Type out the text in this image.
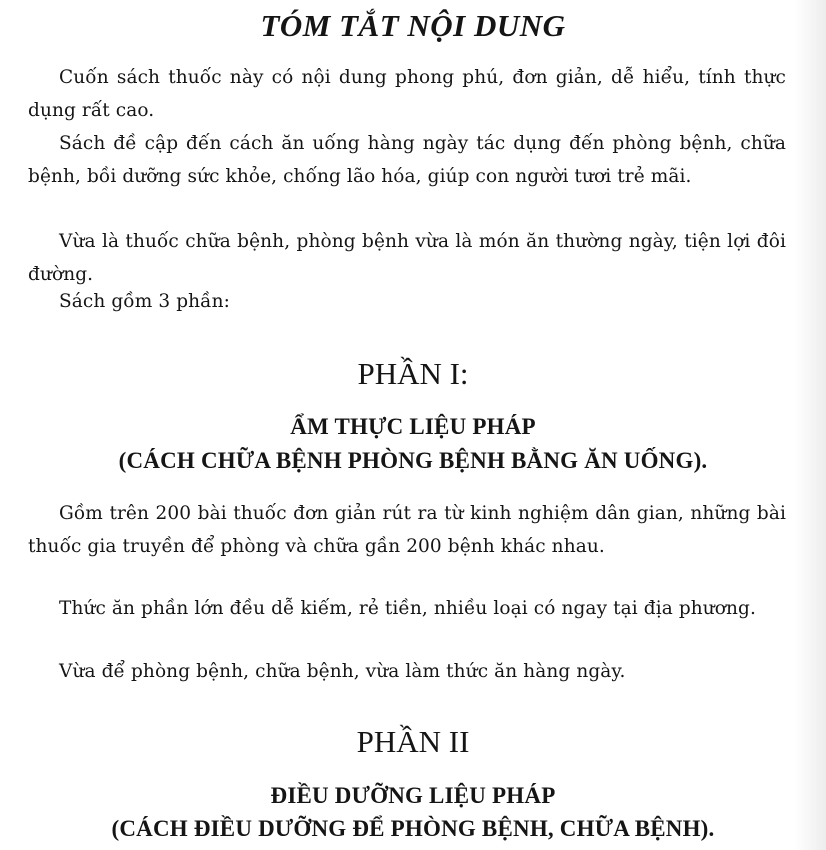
TÓM TẮT NỘI DUNG

Cuốn sách thuốc này có nội dung phong phú, đơn giản, dễ hiểu, tính thực dụng rất cao.

Sách đề cập đến cách ăn uống hàng ngày tác dụng đến phòng bệnh, chữa bệnh, bồi dưỡng sức khỏe, chống lão hóa, giúp con người tươi trẻ mãi.

Vừa là thuốc chữa bệnh, phòng bệnh vừa là món ăn thường ngày, tiện lợi đôi đường.

Sách gồm 3 phần:

PHẦN I:
ẨM THỰC LIỆU PHÁP
(CÁCH CHỮA BỆNH PHÒNG BỆNH BẰNG ĂN UỐNG).

Gồm trên 200 bài thuốc đơn giản rút ra từ kinh nghiệm dân gian, những bài thuốc gia truyền để phòng và chữa gần 200 bệnh khác nhau.

Thức ăn phần lớn đều dễ kiếm, rẻ tiền, nhiều loại có ngay tại địa phương.

Vừa để phòng bệnh, chữa bệnh, vừa làm thức ăn hàng ngày.

PHẦN II
ĐIỀU DƯỠNG LIỆU PHÁP
(CÁCH ĐIỀU DƯỠNG ĐỂ PHÒNG BỆNH, CHỮA BỆNH).
